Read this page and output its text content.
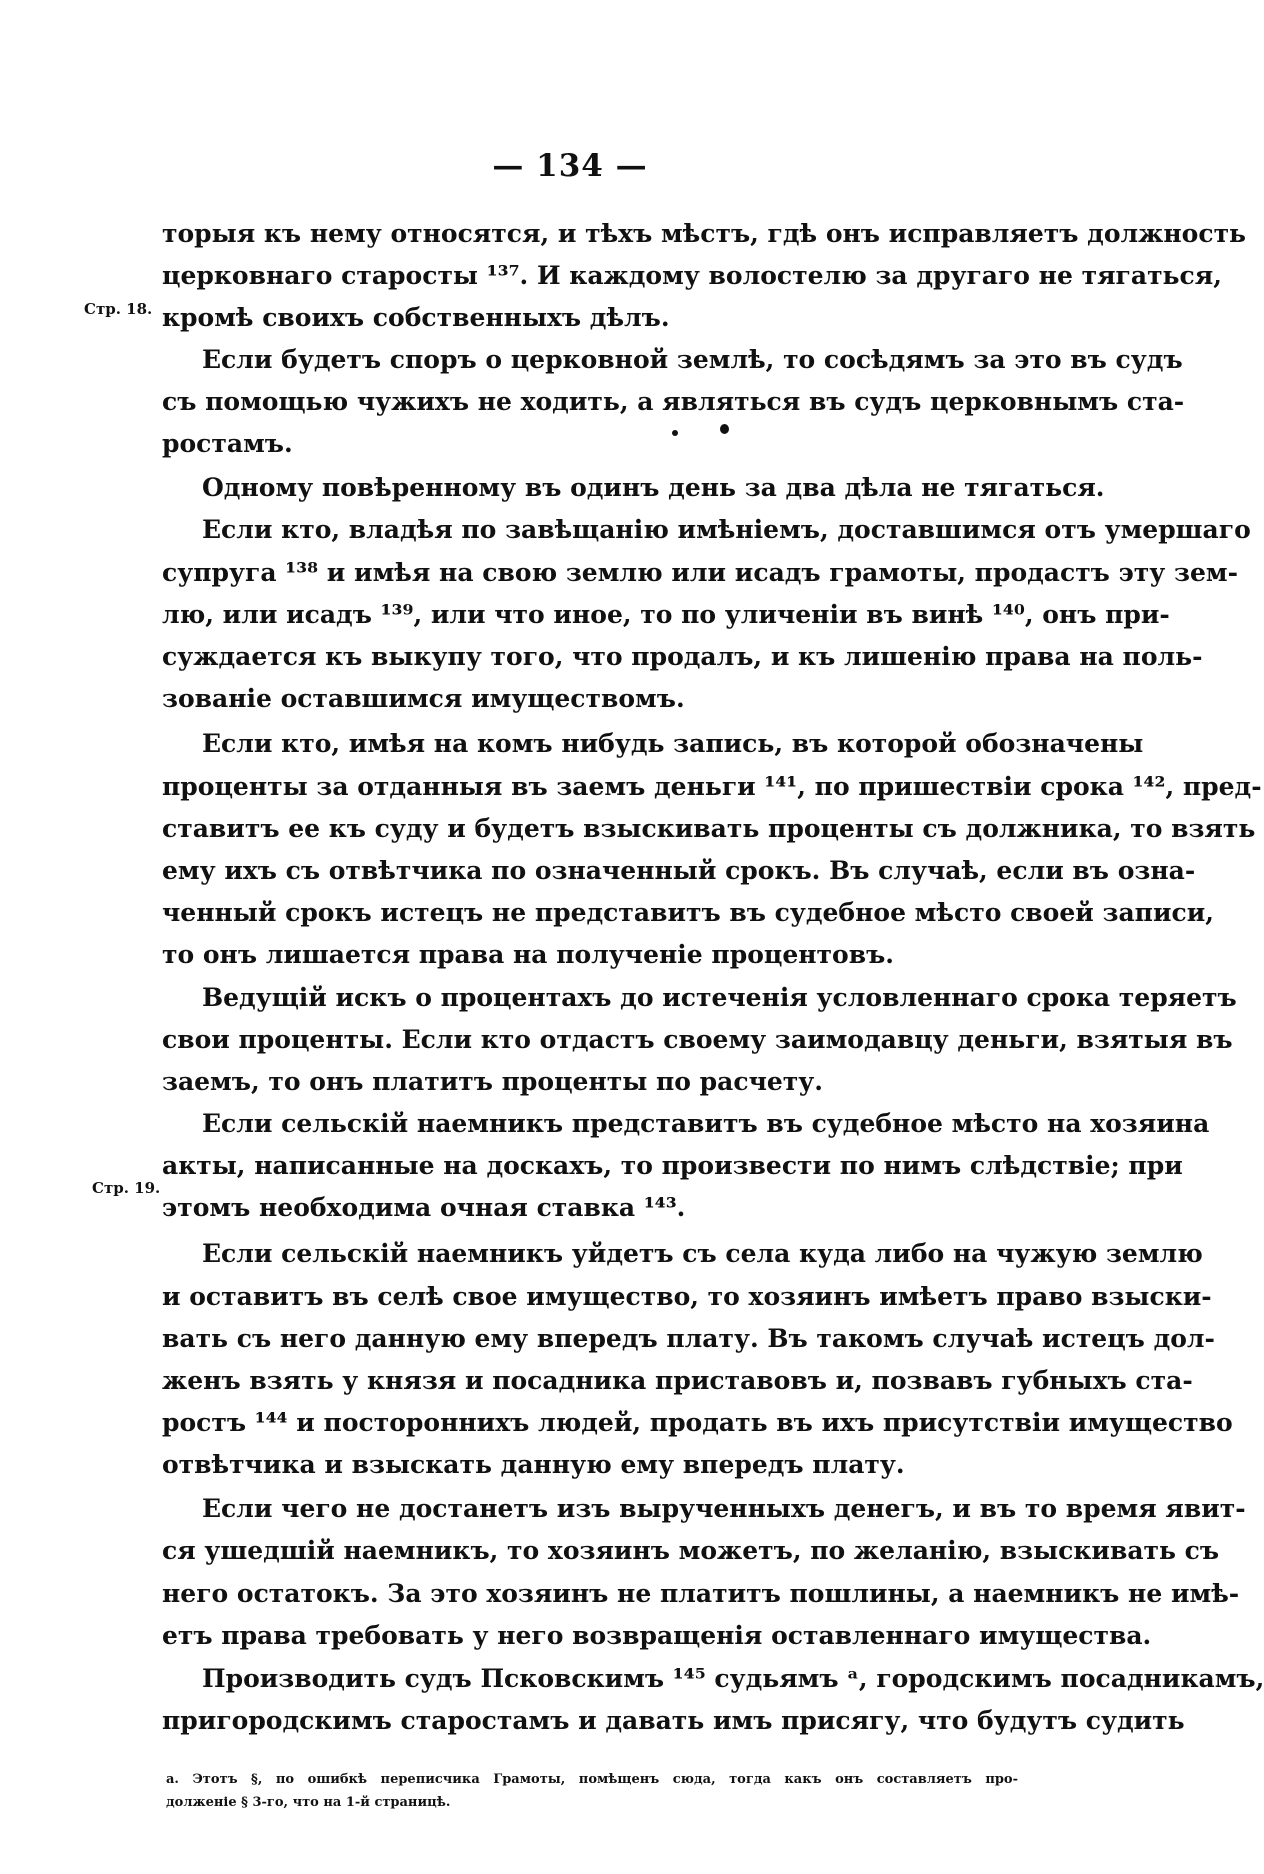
— 134 —
Стр. 18.
Стр. 19.
торыя къ нему относятся, и тѣхъ мѣстъ, гдѣ онъ исправляетъ должность
церковнаго старосты ¹³⁷. И каждому волостелю за другаго не тягаться,
кромѣ своихъ собственныхъ дѣлъ.
Если будетъ споръ о церковной землѣ, то сосѣдямъ за это въ судъ
съ помощью чужихъ не ходить, а являться въ судъ церковнымъ ста-
ростамъ.
Одному повѣренному въ одинъ день за два дѣла не тягаться.
Если кто, владѣя по завѣщанію имѣніемъ, доставшимся отъ умершаго
супруга ¹³⁸ и имѣя на свою землю или исадъ грамоты, продастъ эту зем-
лю, или исадъ ¹³⁹, или что иное, то по уличеніи въ винѣ ¹⁴⁰, онъ при-
суждается къ выкупу того, что продалъ, и къ лишенію права на поль-
зованіе оставшимся имуществомъ.
Если кто, имѣя на комъ нибудь запись, въ которой обозначены
проценты за отданныя въ заемъ деньги ¹⁴¹, по пришествіи срока ¹⁴², пред-
ставитъ ее къ суду и будетъ взыскивать проценты съ должника, то взять
ему ихъ съ отвѣтчика по означенный срокъ. Въ случаѣ, если въ озна-
ченный срокъ истецъ не представитъ въ судебное мѣсто своей записи,
то онъ лишается права на полученіе процентовъ.
Ведущій искъ о процентахъ до истеченія условленнаго срока теряетъ
свои проценты. Если кто отдастъ своему заимодавцу деньги, взятыя въ
заемъ, то онъ платитъ проценты по расчету.
Если сельскій наемникъ представитъ въ судебное мѣсто на хозяина
акты, написанные на доскахъ, то произвести по нимъ слѣдствіе; при
этомъ необходима очная ставка ¹⁴³.
Если сельскій наемникъ уйдетъ съ села куда либо на чужую землю
и оставитъ въ селѣ свое имущество, то хозяинъ имѣетъ право взыски-
вать съ него данную ему впередъ плату. Въ такомъ случаѣ истецъ дол-
женъ взять у князя и посадника приставовъ и, позвавъ губныхъ ста-
ростъ ¹⁴⁴ и постороннихъ людей, продать въ ихъ присутствіи имущество
отвѣтчика и взыскать данную ему впередъ плату.
Если чего не достанетъ изъ вырученныхъ денегъ, и въ то время явит-
ся ушедшій наемникъ, то хозяинъ можетъ, по желанію, взыскивать съ
него остатокъ. За это хозяинъ не платитъ пошлины, а наемникъ не имѣ-
етъ права требовать у него возвращенія оставленнаго имущества.
Производить судъ Псковскимъ ¹⁴⁵ судьямъ ᵃ, городскимъ посадникамъ,
пригородскимъ старостамъ и давать имъ присягу, что будутъ судить
а. Этотъ §, по ошибкѣ переписчика Грамоты, помѣщенъ сюда, тогда какъ онъ составляетъ про-
долженіе § 3-го, что на 1-й страницѣ.
